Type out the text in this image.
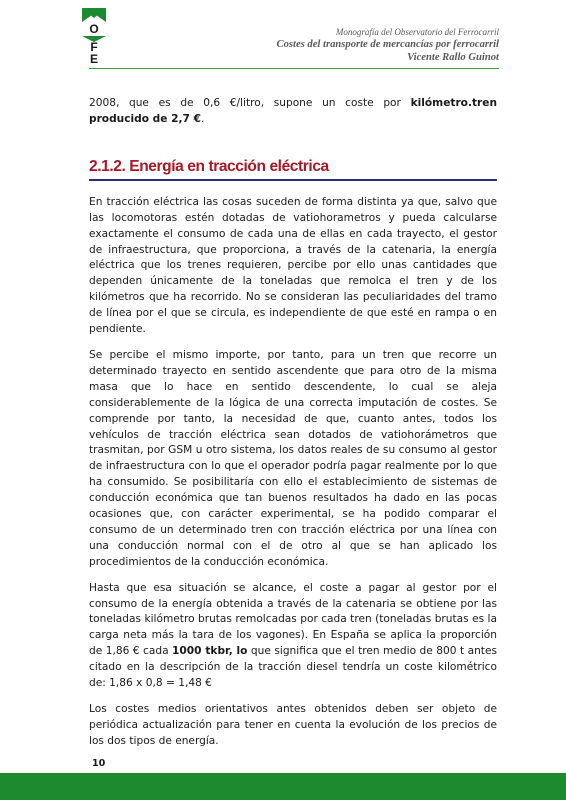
O
F
E
Monografía del Observatorio del Ferrocarril
Costes del transporte de mercancías por ferrocarril
Vicente Rallo Guinot

2008, que es de 0,6 €/litro, supone un coste por kilómetro.tren producido de 2,7 €.

2.1.2. Energía en tracción eléctrica

En tracción eléctrica las cosas suceden de forma distinta ya que, salvo que las locomotoras estén dotadas de vatiohorametros y pueda calcularse exactamente el consumo de cada una de ellas en cada trayecto, el gestor de infraestructura, que proporciona, a través de la catenaria, la energía eléctrica que los trenes requieren, percibe por ello unas cantidades que dependen únicamente de la toneladas que remolca el tren y de los kilómetros que ha recorrido. No se consideran las peculiaridades del tramo de línea por el que se circula, es independiente de que esté en rampa o en pendiente.

Se percibe el mismo importe, por tanto, para un tren que recorre un determinado trayecto en sentido ascendente que para otro de la misma masa que lo hace en sentido descendente, lo cual se aleja considerablemente de la lógica de una correcta imputación de costes. Se comprende por tanto, la necesidad de que, cuanto antes, todos los vehículos de tracción eléctrica sean dotados de vatiohorámetros que trasmitan, por GSM u otro sistema, los datos reales de su consumo al gestor de infraestructura con lo que el operador podría pagar realmente por lo que ha consumido. Se posibilitaría con ello el establecimiento de sistemas de conducción económica que tan buenos resultados ha dado en las pocas ocasiones que, con carácter experimental, se ha podido comparar el consumo de un determinado tren con tracción eléctrica por una línea con una conducción normal con el de otro al que se han aplicado los procedimientos de la conducción económica.

Hasta que esa situación se alcance, el coste a pagar al gestor por el consumo de la energía obtenida a través de la catenaria se obtiene por las toneladas kilómetro brutas remolcadas por cada tren (toneladas brutas es la carga neta más la tara de los vagones). En España se aplica la proporción de 1,86 € cada 1000 tkbr, lo que significa que el tren medio de 800 t antes citado en la descripción de la tracción diesel tendría un coste kilométrico de: 1,86 x 0,8 = 1,48 €

Los costes medios orientativos antes obtenidos deben ser objeto de periódica actualización para tener en cuenta la evolución de los precios de los dos tipos de energía.

10
